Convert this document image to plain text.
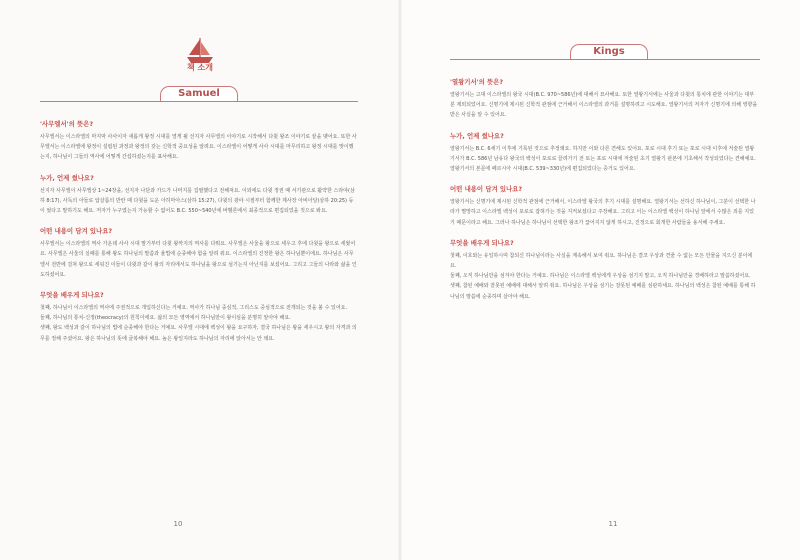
책 소개
Samuel
'사무엘서'의 뜻은?

사무엘서는 이스라엘의 마지막 사사이자 새롭게 왕정 시대를 열게 될 선지자 사무엘의 이야기로 시작해서 다윗 왕조 이야기로 끝을 맺어요. 또한 사무엘서는 이스라엘에 왕정이 설립된 과정과 왕정의 갖는 신학적 중요성을 알려요. 이스라엘이 어떻게 사사 시대를 마무리하고 왕정 시대를 맞이했는지, 하나님이 그들의 역사에 어떻게 간섭하셨는지를 표사해요.

누가, 언제 썼나요?

선지자 사무엘이 사무엘상 1~24장을, 선지자 나단과 가드가 나머지를 집필했다고 전해져요. 이외에도 다윗 정권 때 서기관으로 활약한 스라야(삼하 8:17), 사독의 아들로 압살롬의 반란 때 다윗을 도운 아히마아스(삼하 15:27), 다윗의 광야 시절부터 함께한 제사장 아비아달(삼하 20:25) 등이 썼다고 말하기도 해요. 저자가 누구였는지 가능할 수 없어도 B.C. 550~540년에 바벨론에서 최종적으로 편집되었을 것으로 봐요.

어떤 내용이 담겨 있나요?

사무엘서는 이스라엘의 역사 가운데 사사 시대 말기부터 다윗 왕까지의 역사를 다뤄요. 사무엘은 사울을 왕으로 세우고 후에 다윗을 왕으로 세웠어요. 사무엘은 사울의 실패를 통해 왕도 하나님의 말씀과 율법에 순종해야 함을 알려 줘요. 이스라엘의 진정한 왕은 하나님뿐이에요. 하나님은 사무엘서 전반에 걸쳐 왕으로 세워진 이들이 다윗과 같이 왕의 자리에서도 하나님을 왕으로 섬기는지 아닌지를 보셨어요. 그리고 그들의 나라와 삶을 인도하셨어요.

무엇을 배우게 되나요?

첫째, 하나님이 이스라엘의 역사에 주권적으로 개입하신다는 거예요. 역사가 하나님 중심적, 그리스도 중심적으로 전개되는 것을 볼 수 있어요.

둘째, 하나님의 통치-신정(theocracy)의 원칙이에요. 삶의 모든 영역에서 하나님만이 왕이심을 분명히 알아야 해요.

셋째, 왕도 백성과 같이 하나님의 법에 순종해야 한다는 거예요. 사무엘 시대에 백성이 왕을 요구하자, 결국 하나님은 왕을 세우시고 왕의 자격과 의무를 정해 주셨어요. 왕은 하나님의 뜻에 굴복해야 해요. 높은 왕일지라도 하나님의 자리에 앉아서는 안 돼요.

10
Kings
'열왕기서'의 뜻은?

열왕기서는 고대 이스라엘의 왕국 시대(B.C. 970~586년)에 대해서 묘사해요. 또한 열왕기서에는 사울과 다윗의 통치에 관한 이야기는 대부분 제외되었어요. 신명기에 제시된 신학적 관점에 근거해서 이스라엘의 과거를 설명하려고 시도해요. 열왕기서의 저자가 신명기에 의해 영향을 받은 사실을 알 수 있어요.

누가, 언제 썼나요?

열왕기서는 B.C. 6세기 이후에 기록된 것으로 추정돼요. 하지만 이와 다른 견해도 있어요. 포로 시대 후기 또는 포로 시대 이후에 저술된 열왕기서가 B.C. 586년 남유다 왕국의 백성이 포로로 끌려가기 전 또는 포로 시대에 저술된 초기 열왕기 판본에 기초해서 작성되었다는 견해예요. 열왕기서의 본문에 페르시아 시대(B.C. 539~330년)에 편집되었다는 증거도 있어요.

어떤 내용이 담겨 있나요?

열왕기서는 신명기에 제시된 신학적 관점에 근거해서, 이스라엘 왕국의 후기 시대를 설명해요. 열왕기서는 선하신 하나님이, 그분이 선택한 나라가 멸망하고 이스라엘 백성이 포로로 잡혀가는 것을 지켜보셨다고 주장해요. 그리고 이는 이스라엘 백성이 하나님 앞에서 수많은 죄를 지었기 때문이라고 해요. 그러나 하나님은 하나님이 선택한 왕조가 끊어지지 않게 하시고, 진정으로 회개한 사람들을 용서해 주세요.

무엇을 배우게 되나요?

첫째, 이호와는 유일하시며 참되신 하나님이라는 사실을 계속해서 보여 줘요. 하나님은 결코 우상과 견줄 수 없는 모든 만물을 지으신 분이에요.

둘째, 오직 하나님만을 섬겨야 한다는 거예요. 하나님은 이스라엘 백성에게 우상을 섬기지 말고, 오직 하나님만을 경배하라고 말씀하셨어요.

셋째, 참된 예배와 잘못된 예배에 대해서 알려 줘요. 하나님은 우상을 섬기는 잘못된 예배를 심판하세요. 하나님의 백성은 참된 예배를 통해 하나님의 말씀에 순종하며 살아야 해요.

11
